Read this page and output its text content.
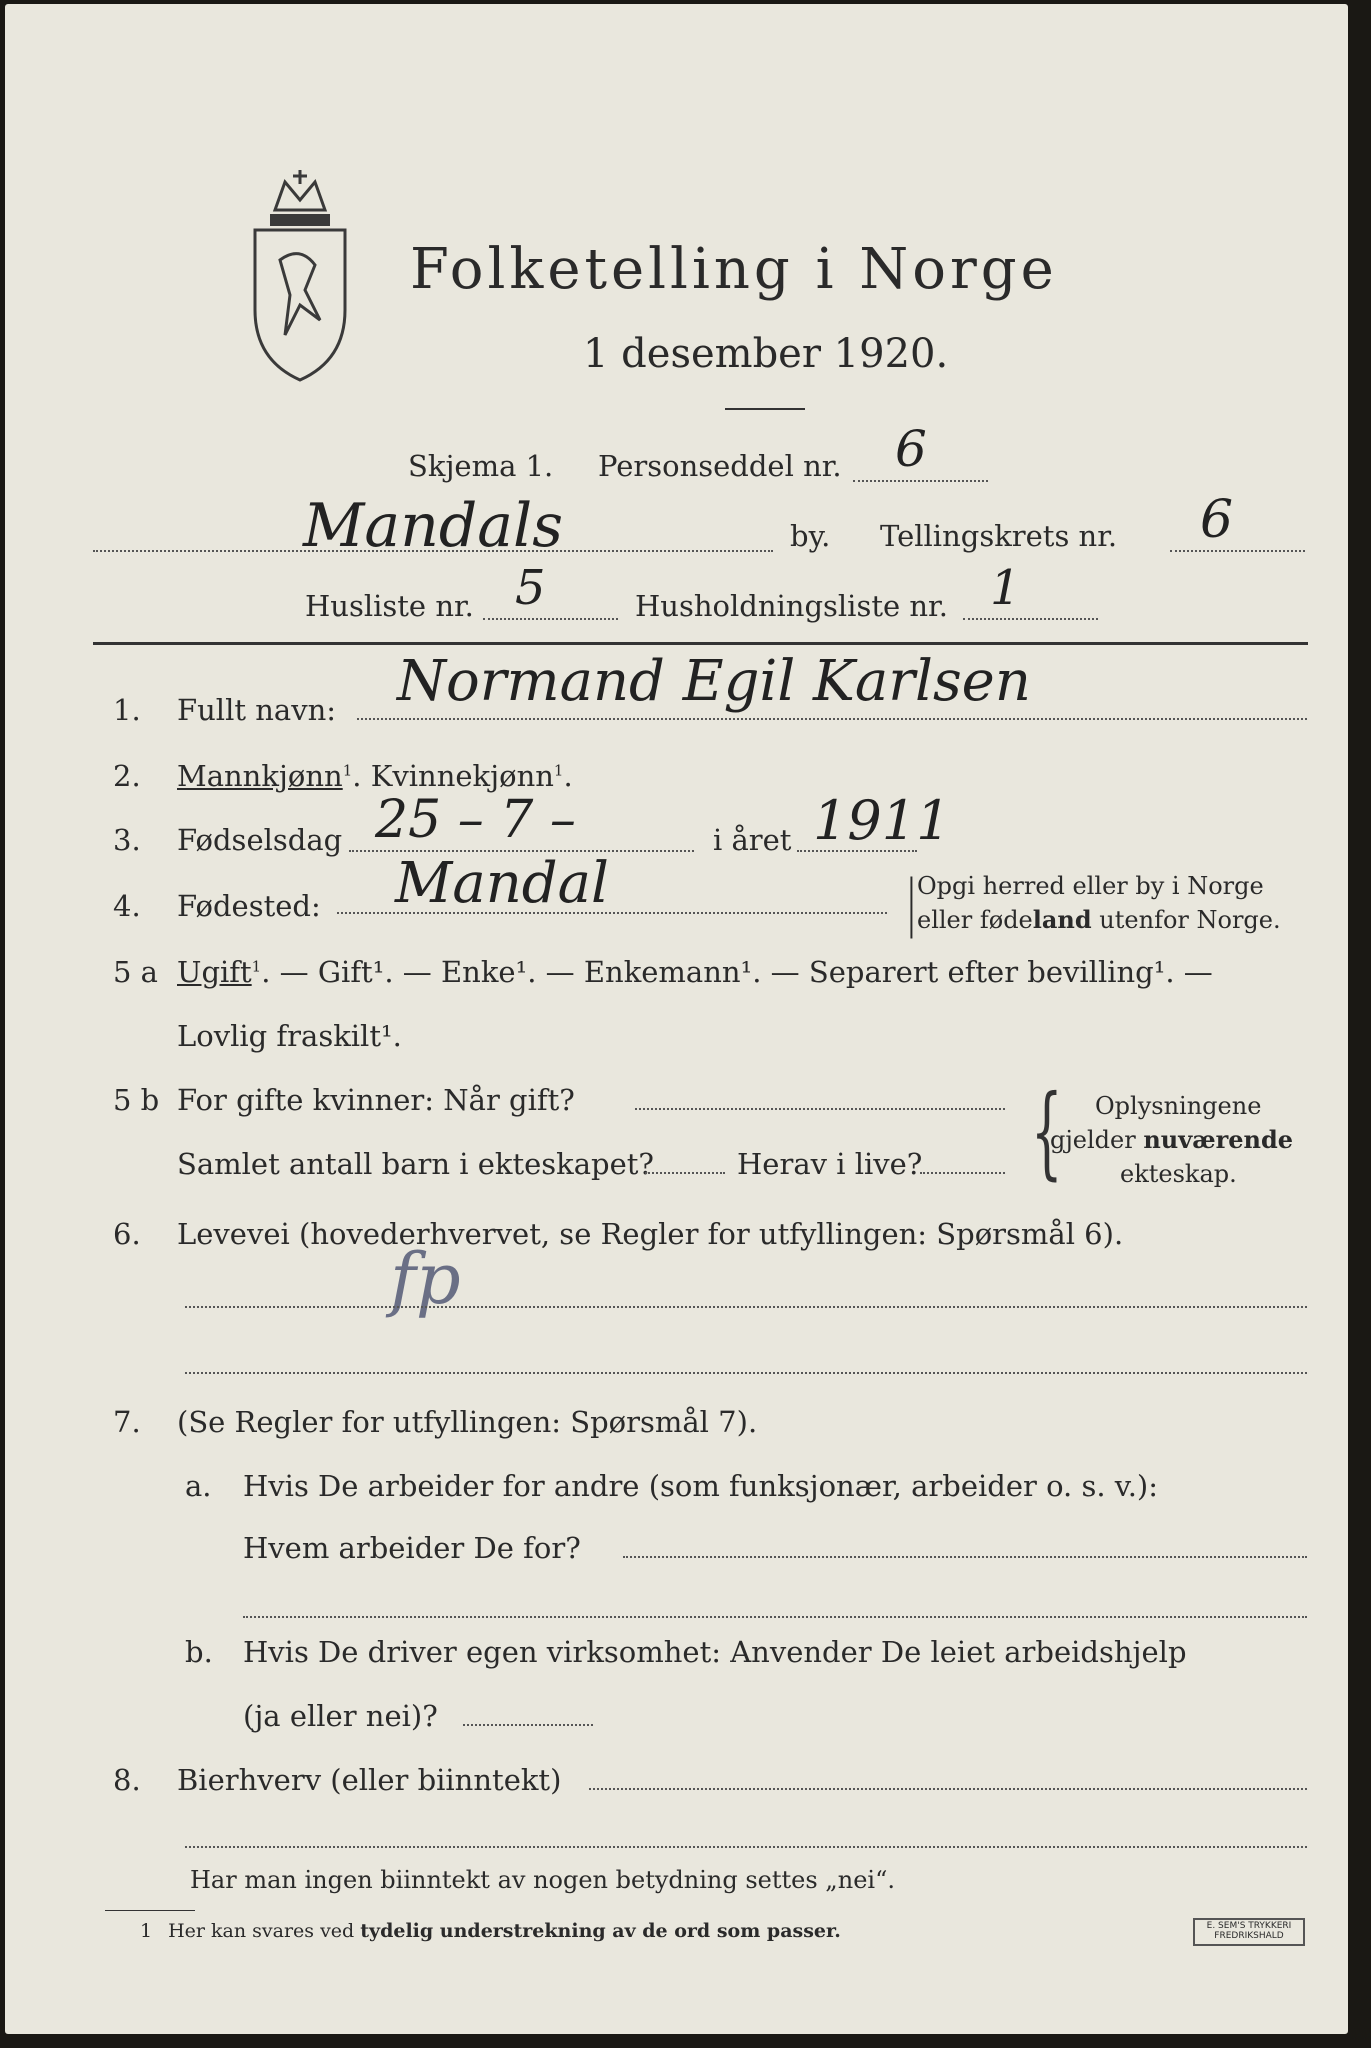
Folketelling i Norge
1 desember 1920.
Skjema 1. Personseddel nr. 6
Mandals	by. Tellingskrets nr. 6
Husliste nr. 5	Husholdningsliste nr. 1
1. Fullt navn: Normand Egil Karlsen
2. Mannkjønn$^1$. Kvinnekjønn$^1$.
3. Fødselsdag 25 – 7 –	i året 1911
4. Fødested: Mandal	Opgi herred eller by i Norge
eller fødeland utenfor Norge.
|
5 a Ugift$^1$. — Gift¹. — Enke¹. — Enkemann¹. — Separert efter bevilling¹. —
Lovlig fraskilt¹.
5 b For gifte kvinner: Når gift?
Samlet antall barn i ekteskapet?	Herav i live? { Oplysningene
gjelder nuværende
ekteskap.
6. Levevei (hovederhvervet, se Regler for utfyllingen: Spørsmål 6).
fp
7. (Se Regler for utfyllingen: Spørsmål 7).
a. Hvis De arbeider for andre (som funksjonær, arbeider o. s. v.):
Hvem arbeider De for?
b. Hvis De driver egen virksomhet: Anvender De leiet arbeidshjelp
(ja eller nei)?
8. Bierhverv (eller biinntekt)
Har man ingen biinntekt av nogen betydning settes „nei“.
1 Her kan svares ved tydelig understrekning av de ord som passer.	E. SEM'S TRYKKERI FREDRIKSHALD
